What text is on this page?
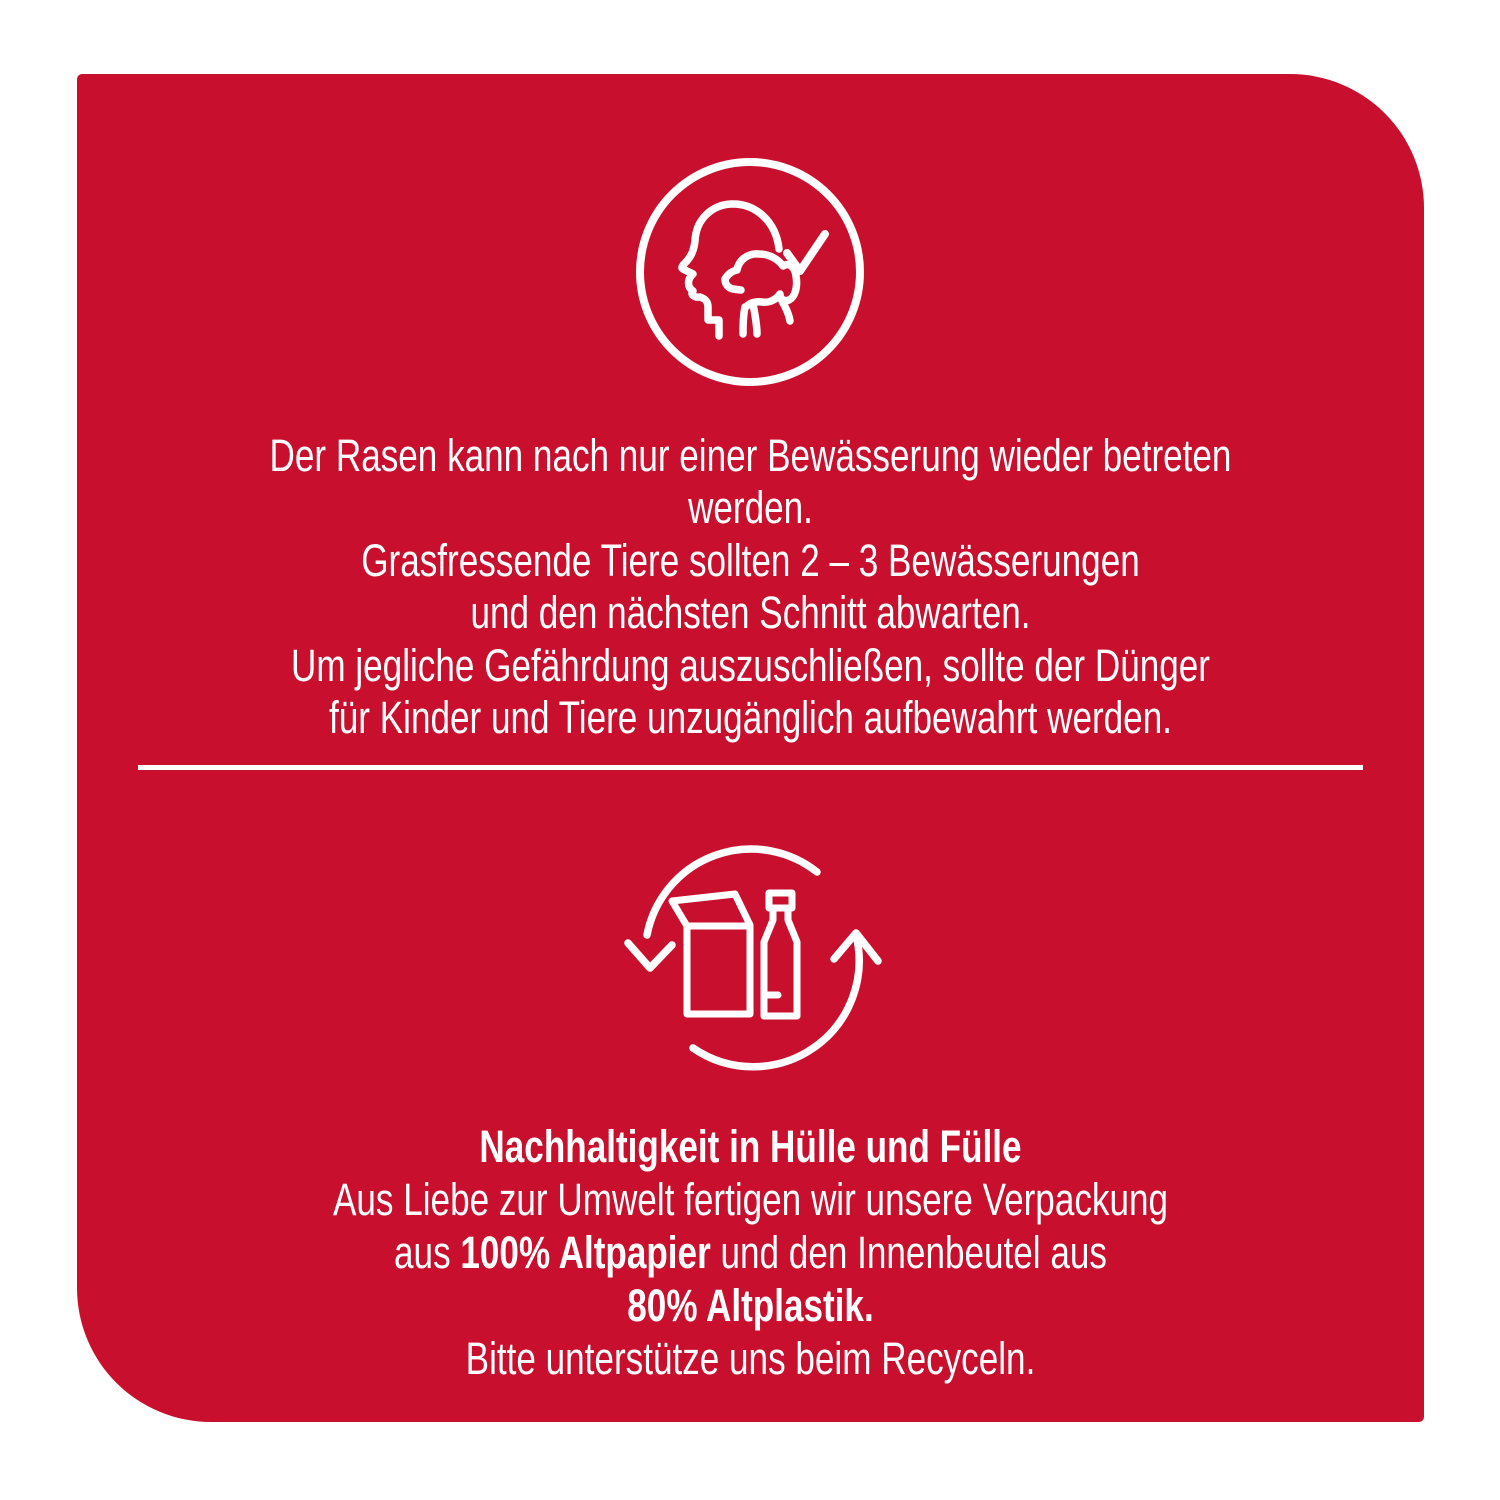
Der Rasen kann nach nur einer Bewässerung wieder betreten werden.

Grasfressende Tiere sollten 2 – 3 Bewässerungen

und den nächsten Schnitt abwarten.

Um jegliche Gefährdung auszuschließen, sollte der Dünger

für Kinder und Tiere unzugänglich aufbewahrt werden.

Nachhaltigkeit in Hülle und Fülle

Aus Liebe zur Umwelt fertigen wir unsere Verpackung

aus 100% Altpapier und den Innenbeutel aus

80% Altplastik.

Bitte unterstütze uns beim Recyceln.
